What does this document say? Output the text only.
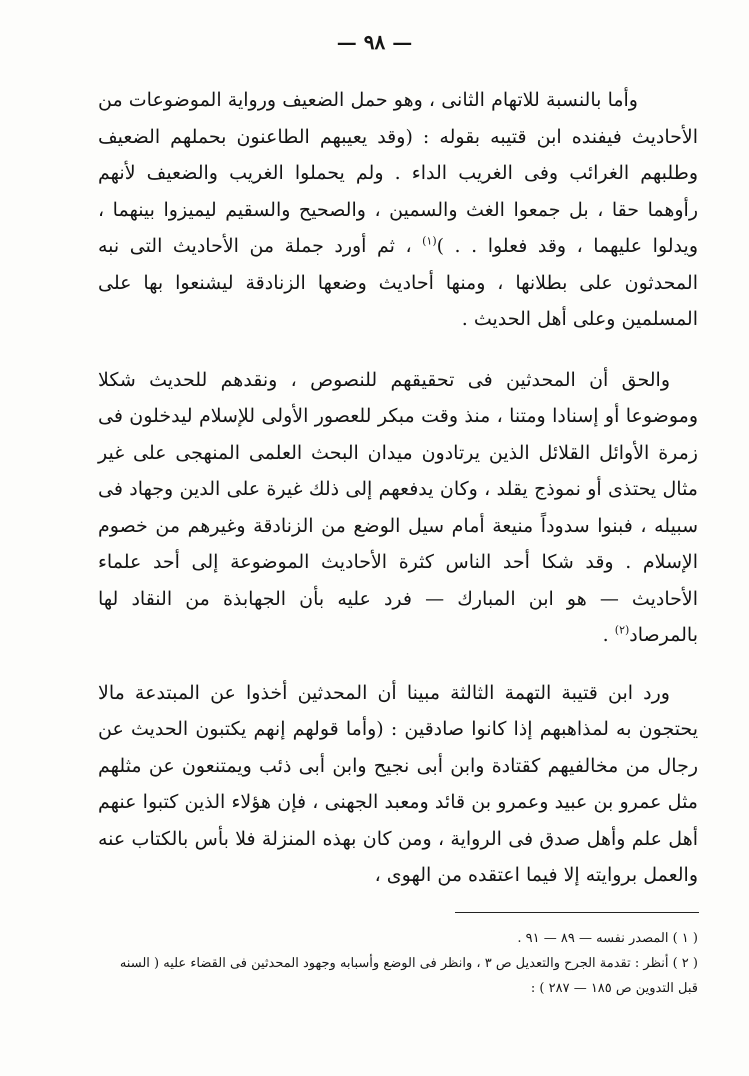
— ٩٨ —

وأما بالنسبة للاتهام الثانى ، وهو حمل الضعيف ورواية الموضوعات من الأحاديث فيفنده ابن قتيبه بقوله : (وقد يعيبهم الطاعنون بحملهم الضعيف وطلبهم الغرائب وفى الغريب الداء . ولم يحملوا الغريب والضعيف لأنهم رأوهما حقا ، بل جمعوا الغث والسمين ، والصحيح والسقيم ليميزوا بينهما ، ويدلوا عليهما ، وقد فعلوا . . )$^{(١)}$ ، ثم أورد جملة من الأحاديث التى نبه المحدثون على بطلانها ، ومنها أحاديث وضعها الزنادقة ليشنعوا بها على المسلمين وعلى أهل الحديث .

والحق أن المحدثين فى تحقيقهم للنصوص ، ونقدهم للحديث شكلا وموضوعا أو إسنادا ومتنا ، منذ وقت مبكر للعصور الأولى للإسلام ليدخلون فى زمرة الأوائل القلائل الذين يرتادون ميدان البحث العلمى المنهجى على غير مثال يحتذى أو نموذج يقلد ، وكان يدفعهم إلى ذلك غيرة على الدين وجهاد فى سبيله ، فبنوا سدوداً منيعة أمام سيل الوضع من الزنادقة وغيرهم من خصوم الإسلام . وقد شكا أحد الناس كثرة الأحاديث الموضوعة إلى أحد علماء الأحاديث — هو ابن المبارك — فرد عليه بأن الجهابذة من النقاد لها بالمرصاد$^{(٢)}$ .

ورد ابن قتيبة التهمة الثالثة مبينا أن المحدثين أخذوا عن المبتدعة مالا يحتجون به لمذاهبهم إذا كانوا صادقين : (وأما قولهم إنهم يكتبون الحديث عن رجال من مخالفيهم كقتادة وابن أبى نجيح وابن أبى ذئب ويمتنعون عن مثلهم مثل عمرو بن عبيد وعمرو بن قائد ومعبد الجهنى ، فإن هؤلاء الذين كتبوا عنهم أهل علم وأهل صدق فى الرواية ، ومن كان بهذه المنزلة فلا بأس بالكتاب عنه والعمل بروايته إلا فيما اعتقده من الهوى ،

( ١ ) المصدر نفسه — ٨٩ — ٩١ .

( ٢ ) أنظر : تقدمة الجرح والتعديل ص ٣ ، وانظر فى الوضع وأسبابه وجهود المحدثين فى القضاء عليه ( السنه قبل التدوين ص ١٨٥ — ٢٨٧ ) :
